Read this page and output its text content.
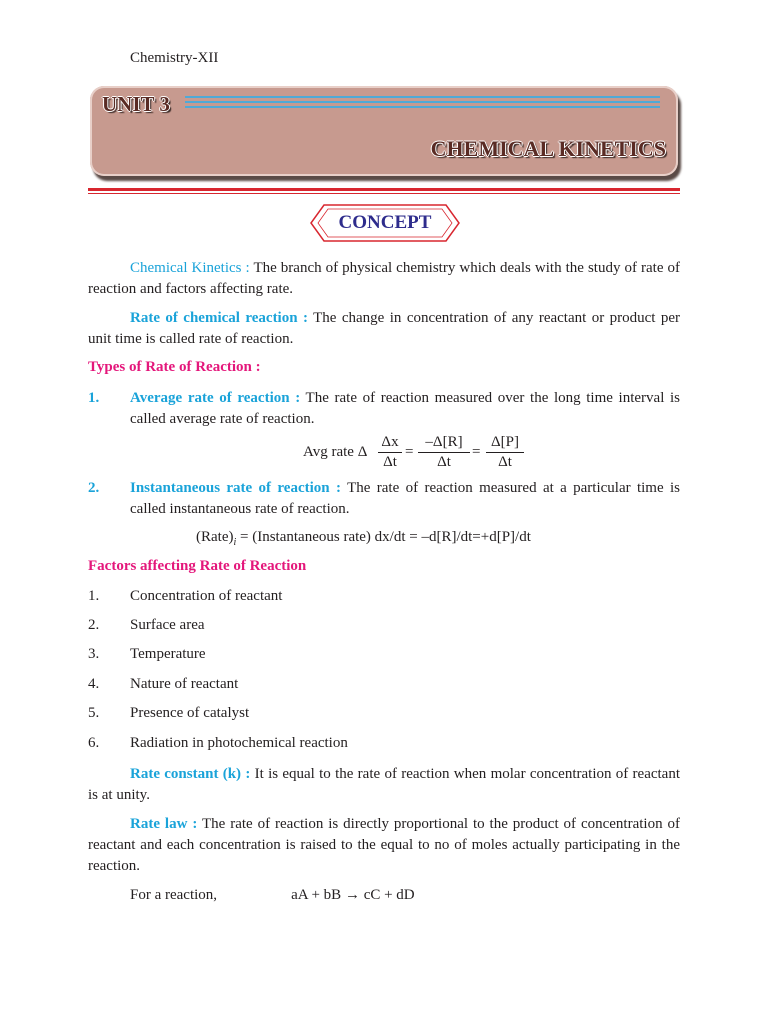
Chemistry-XII
UNIT 3
CHEMICAL KINETICS
CONCEPT
Chemical Kinetics : The branch of physical chemistry which deals with the study of rate of reaction and factors affecting rate.
Rate of chemical reaction : The change in concentration of any reactant or product per unit time is called rate of reaction.
Types of Rate of Reaction :
1. Average rate of reaction : The rate of reaction measured over the long time interval is called average rate of reaction.
Avg rate Δ
Δx
Δt
=
–Δ[R]
Δt
=
Δ[P]
Δt
2. Instantaneous rate of reaction : The rate of reaction measured at a particular time is called instantaneous rate of reaction.
$(Rate)_i$ = (Instantaneous rate) dx/dt = –d[R]/dt=+d[P]/dt
Factors affecting Rate of Reaction
1. Concentration of reactant
2. Surface area
3. Temperature
4. Nature of reactant
5. Presence of catalyst
6. Radiation in photochemical reaction
Rate constant (k) : It is equal to the rate of reaction when molar concentration of reactant is at unity.
Rate law : The rate of reaction is directly proportional to the product of concentration of reactant and each concentration is raised to the equal to no of moles actually participating in the reaction.
For a reaction,	aA + bB → cC + dD
